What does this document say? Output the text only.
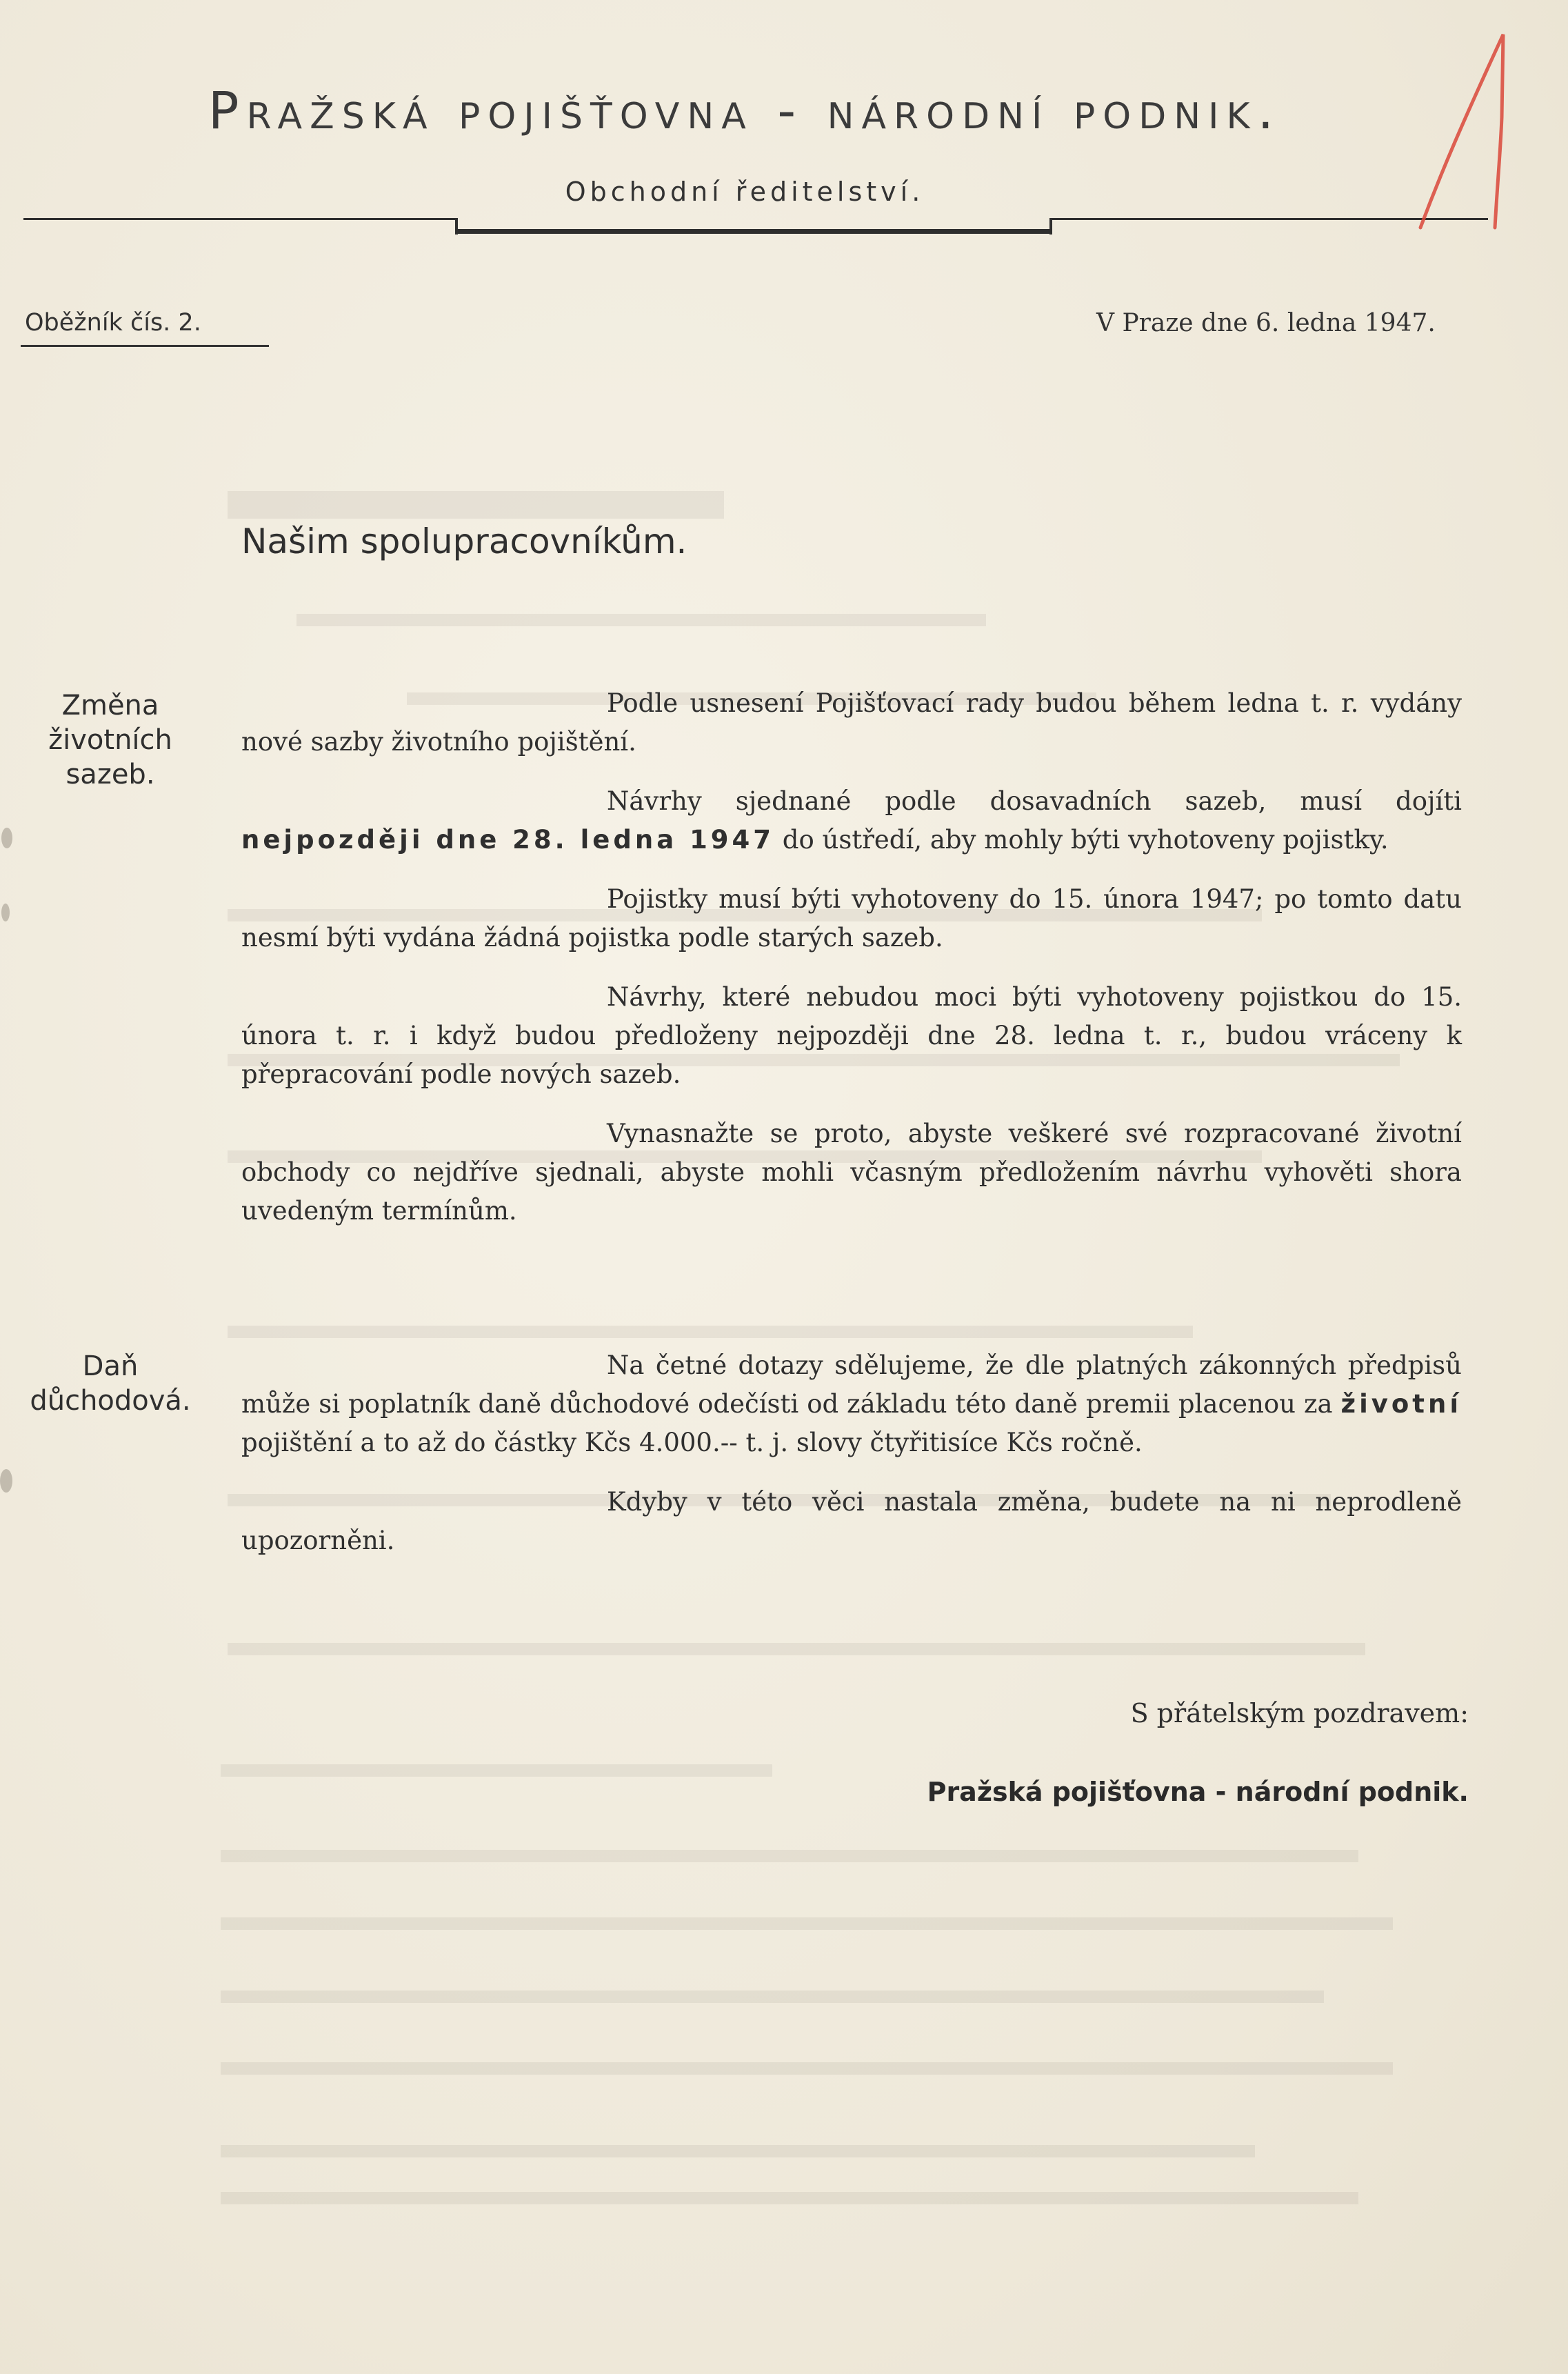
Pražská pojišťovna - národní podnik.
Obchodní ředitelství.
Oběžník čís. 2.	V Praze dne 6. ledna 1947.
Našim spolupracovníkům.
Změna
životních
sazeb.

Podle usnesení Pojišťovací rady budou během ledna t. r. vydány nové sazby životního pojištění.

Návrhy sjednané podle dosavadních sazeb, musí dojíti nejpozději dne 28. ledna 1947 do ústředí, aby mohly býti vyhotoveny pojistky.

Pojistky musí býti vyhotoveny do 15. února 1947; po tomto datu nesmí býti vydána žádná pojistka podle starých sazeb.

Návrhy, které nebudou moci býti vyhotoveny pojistkou do 15. února t. r. i když budou předloženy nejpozději dne 28. ledna t. r., budou vráceny k přepracování podle nových sazeb.

Vynasnažte se proto, abyste veškeré své rozpracované životní obchody co nejdříve sjednali, abyste mohli včasným předložením návrhu vyhověti shora uvedeným termínům.

Daň
důchodová.

Na četné dotazy sdělujeme, že dle platných zákonných předpisů může si poplatník daně důchodové odečísti od základu této daně premii placenou za životní pojištění a to až do částky Kčs 4.000.-- t. j. slovy čtyřitisíce Kčs ročně.

Kdyby v této věci nastala změna, budete na ni neprodleně upozorněni.

S přátelským pozdravem:
Pražská pojišťovna - národní podnik.
